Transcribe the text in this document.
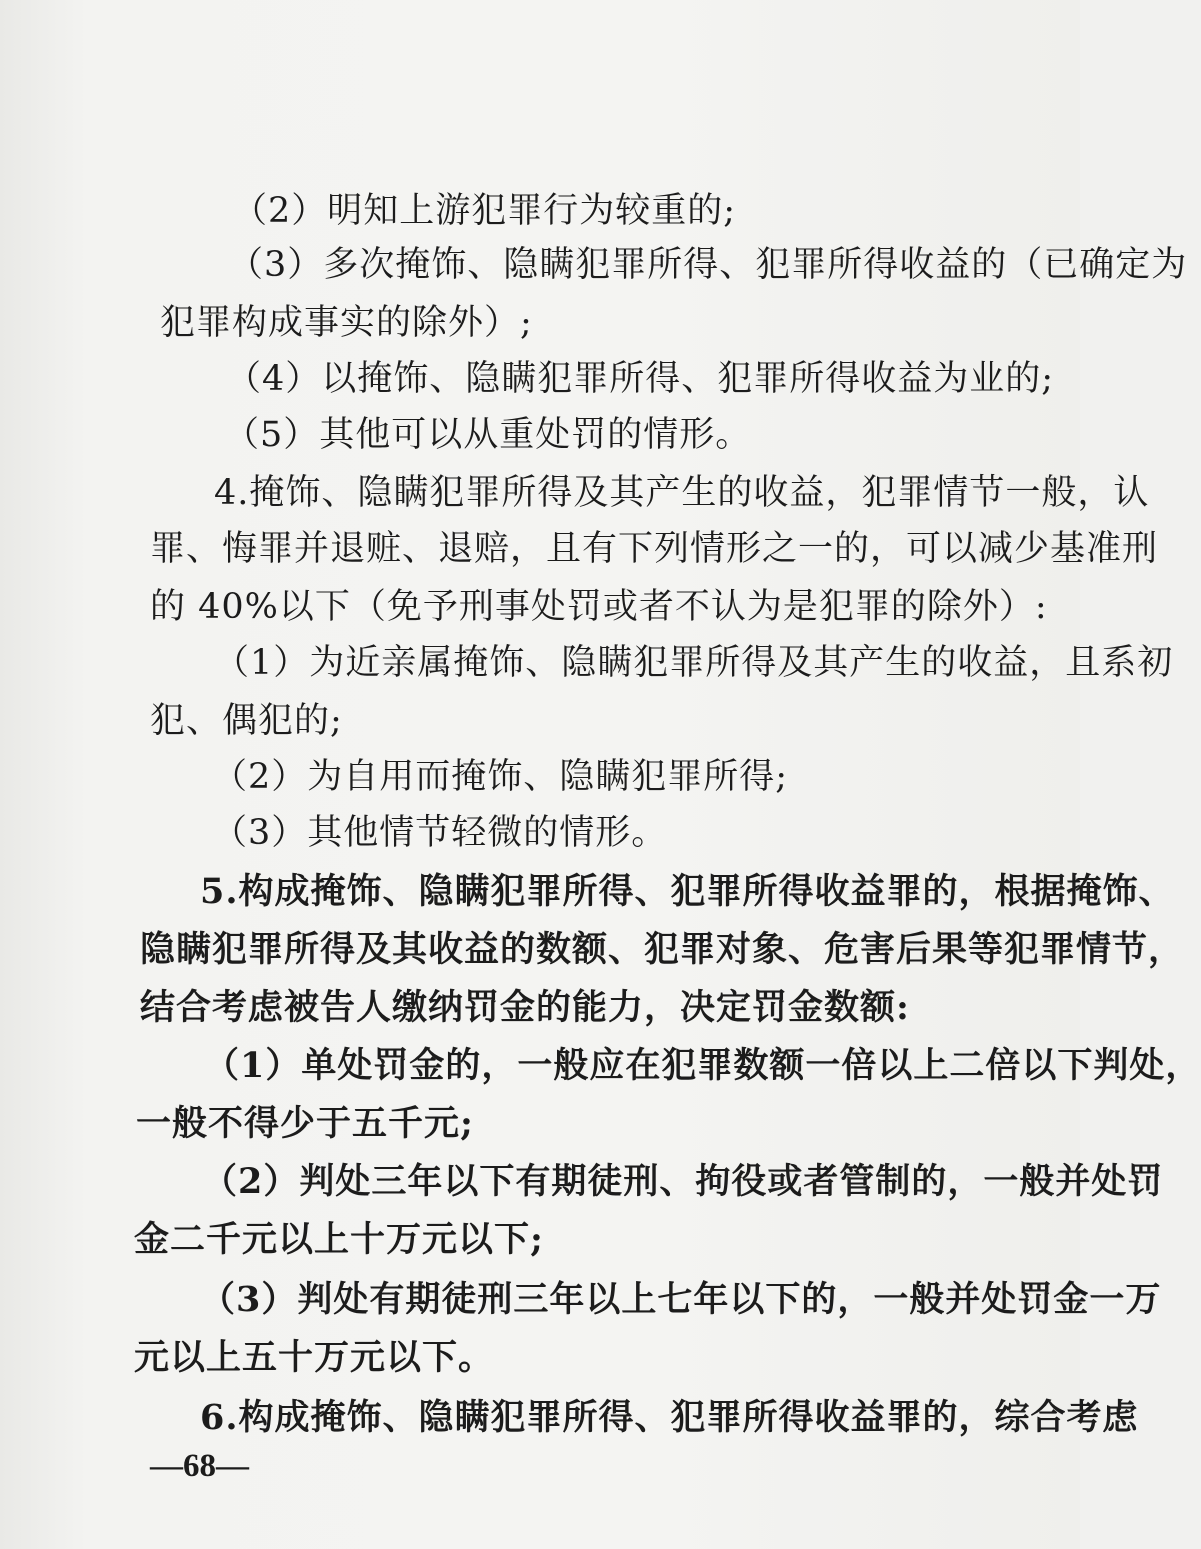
（2）明知上游犯罪行为较重的;
（3）多次掩饰、隐瞒犯罪所得、犯罪所得收益的（已确定为
犯罪构成事实的除外）;
（4）以掩饰、隐瞒犯罪所得、犯罪所得收益为业的;
（5）其他可以从重处罚的情形。
4.掩饰、隐瞒犯罪所得及其产生的收益，犯罪情节一般，认
罪、悔罪并退赃、退赔，且有下列情形之一的，可以减少基准刑
的 40%以下（免予刑事处罚或者不认为是犯罪的除外）:
（1）为近亲属掩饰、隐瞒犯罪所得及其产生的收益，且系初
犯、偶犯的;
（2）为自用而掩饰、隐瞒犯罪所得;
（3）其他情节轻微的情形。
5.构成掩饰、隐瞒犯罪所得、犯罪所得收益罪的，根据掩饰、
隐瞒犯罪所得及其收益的数额、犯罪对象、危害后果等犯罪情节，
结合考虑被告人缴纳罚金的能力，决定罚金数额:
（1）单处罚金的，一般应在犯罪数额一倍以上二倍以下判处，
一般不得少于五千元;
（2）判处三年以下有期徒刑、拘役或者管制的，一般并处罚
金二千元以上十万元以下;
（3）判处有期徒刑三年以上七年以下的，一般并处罚金一万
元以上五十万元以下。
6.构成掩饰、隐瞒犯罪所得、犯罪所得收益罪的，综合考虑
—68—
